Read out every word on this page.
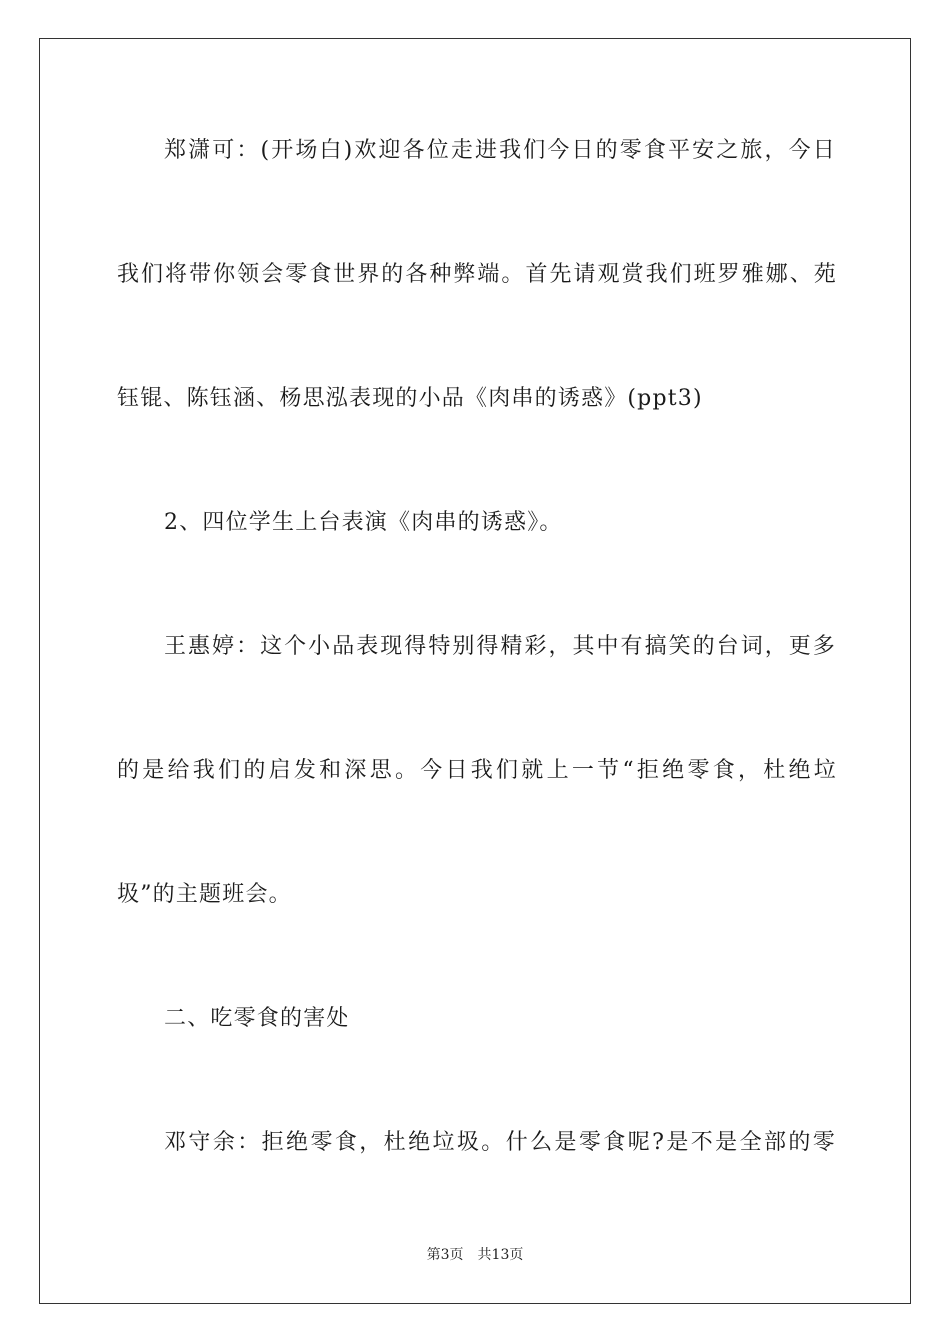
郑潇可：(开场白)欢迎各位走进我们今日的零食平安之旅，今日
我们将带你领会零食世界的各种弊端。首先请观赏我们班罗雅娜、苑
钰锟、陈钰涵、杨思泓表现的小品《肉串的诱惑》(ppt3)
2、四位学生上台表演《肉串的诱惑》。
王惠婷：这个小品表现得特别得精彩，其中有搞笑的台词，更多
的是给我们的启发和深思。今日我们就上一节“拒绝零食，杜绝垃
圾”的主题班会。
二、吃零食的害处
邓守余：拒绝零食，杜绝垃圾。什么是零食呢?是不是全部的零
第3页 共13页
